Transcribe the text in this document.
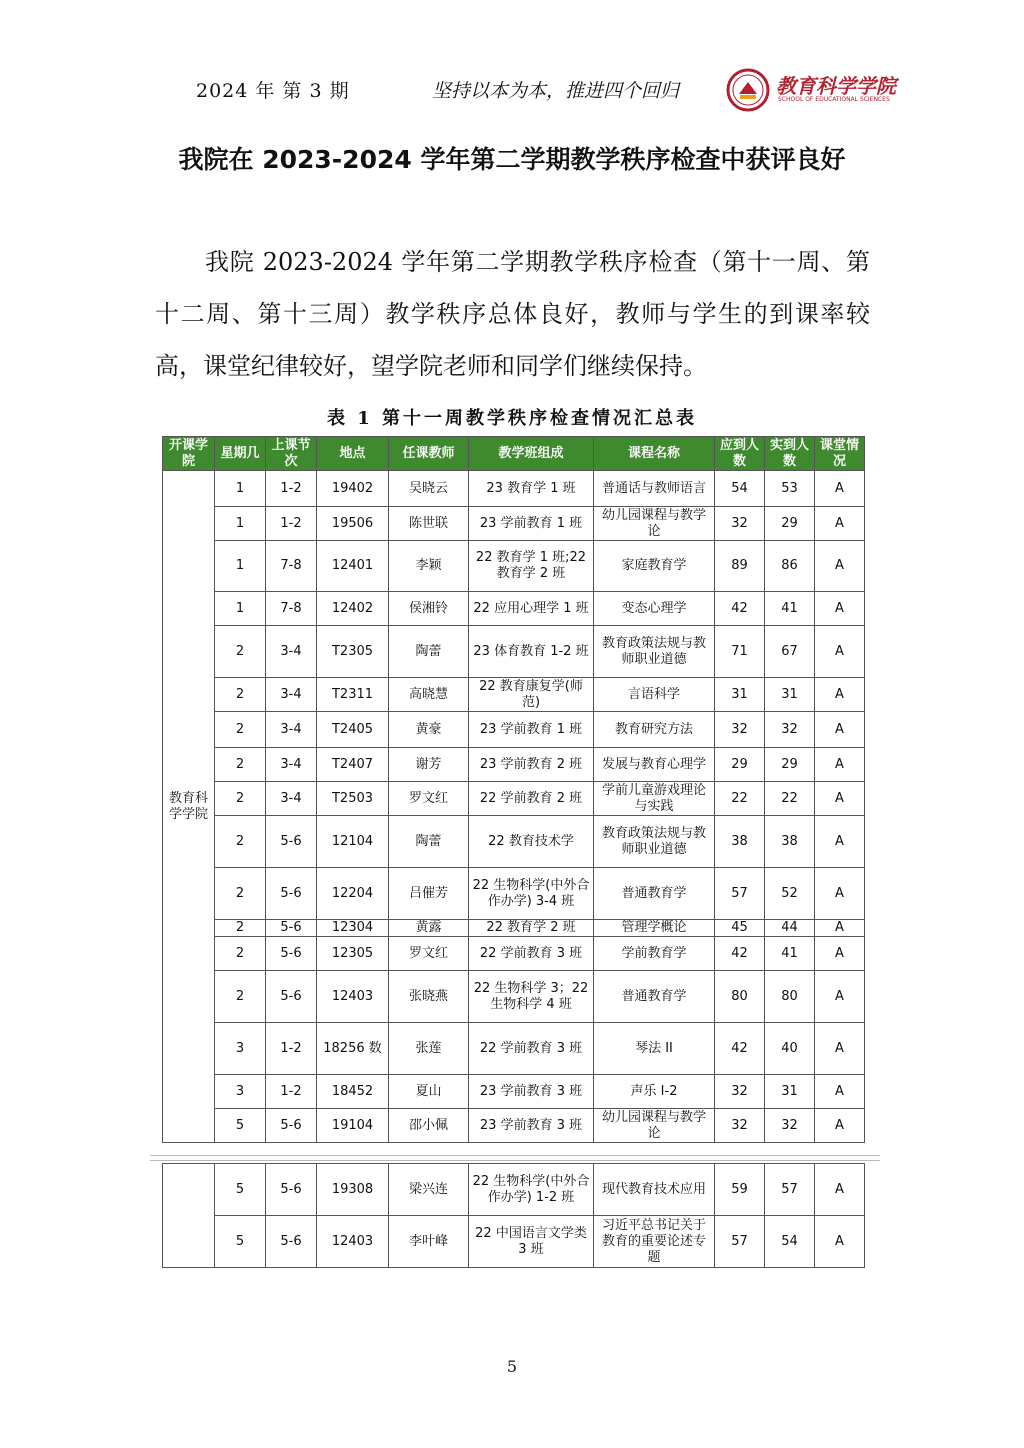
2024 年 第 3 期	坚持以本为本，推进四个回归	教育科学学院
SCHOOL OF EDUCATIONAL SCIENCES
我院在 2023-2024 学年第二学期教学秩序检查中获评良好
我院 2023-2024 学年第二学期教学秩序检查（第十一周、第十二周、第十三周）教学秩序总体良好，教师与学生的到课率较高，课堂纪律较好，望学院老师和同学们继续保持。
表 1 第十一周教学秩序检查情况汇总表
开课学院	星期几	上课节次	地点	任课教师	教学班组成	课程名称	应到人数	实到人数	课堂情况
教育科学学院	1	1-2	19402	吴晓云	23 教育学 1 班	普通话与教师语言	54	53	A
	1	1-2	19506	陈世联	23 学前教育 1 班	幼儿园课程与教学论	32	29	A
	1	7-8	12401	李颖	22 教育学 1 班;22 教育学 2 班	家庭教育学	89	86	A
	1	7-8	12402	侯湘铃	22 应用心理学 1 班	变态心理学	42	41	A
	2	3-4	T2305	陶蕾	23 体育教育 1-2 班	教育政策法规与教师职业道德	71	67	A
	2	3-4	T2311	高晓慧	22 教育康复学(师范)	言语科学	31	31	A
	2	3-4	T2405	黄豪	23 学前教育 1 班	教育研究方法	32	32	A
	2	3-4	T2407	谢芳	23 学前教育 2 班	发展与教育心理学	29	29	A
	2	3-4	T2503	罗文红	22 学前教育 2 班	学前儿童游戏理论与实践	22	22	A
	2	5-6	12104	陶蕾	22 教育技术学	教育政策法规与教师职业道德	38	38	A
	2	5-6	12204	吕催芳	22 生物科学(中外合作办学) 3-4 班	普通教育学	57	52	A
	2	5-6	12304	黄露	22 教育学 2 班	管理学概论	45	44	A
	2	5-6	12305	罗文红	22 学前教育 3 班	学前教育学	42	41	A
	2	5-6	12403	张晓燕	22 生物科学 3；22 生物科学 4 班	普通教育学	80	80	A
	3	1-2	18256 数	张莲	22 学前教育 3 班	琴法 II	42	40	A
	3	1-2	18452	夏山	23 学前教育 3 班	声乐 I-2	32	31	A
	5	5-6	19104	邵小佩	23 学前教育 3 班	幼儿园课程与教学论	32	32	A
	5	5-6	19308	梁兴连	22 生物科学(中外合作办学) 1-2 班	现代教育技术应用	59	57	A
	5	5-6	12403	李叶峰	22 中国语言文学类 3 班	习近平总书记关于教育的重要论述专题	57	54	A
5
